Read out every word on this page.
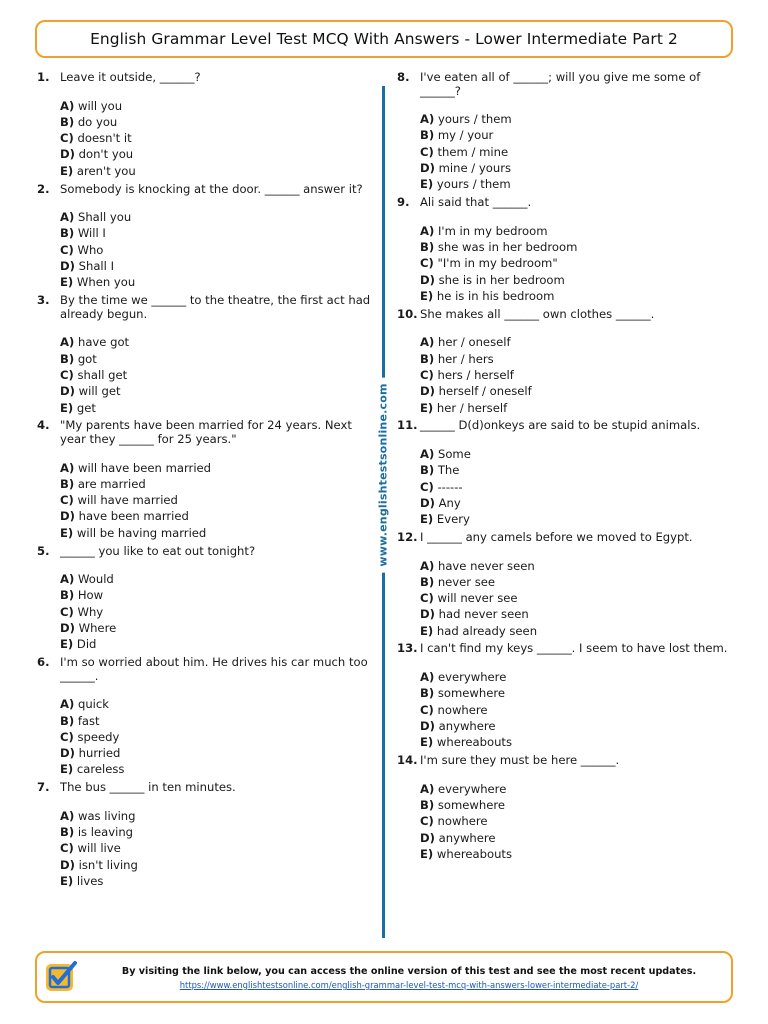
English Grammar Level Test MCQ With Answers - Lower Intermediate Part 2
1. Leave it outside, ______?
A) will you
B) do you
C) doesn't it
D) don't you
E) aren't you
2. Somebody is knocking at the door. ______ answer it?
A) Shall you
B) Will I
C) Who
D) Shall I
E) When you
3. By the time we ______ to the theatre, the first act had already begun.
A) have got
B) got
C) shall get
D) will get
E) get
4. "My parents have been married for 24 years. Next year they ______ for 25 years."
A) will have been married
B) are married
C) will have married
D) have been married
E) will be having married
5. ______ you like to eat out tonight?
A) Would
B) How
C) Why
D) Where
E) Did
6. I'm so worried about him. He drives his car much too ______.
A) quick
B) fast
C) speedy
D) hurried
E) careless
7. The bus ______ in ten minutes.
A) was living
B) is leaving
C) will live
D) isn't living
E) lives
www.englishtestsonline.com
8. I've eaten all of ______; will you give me some of ______?
A) yours / them
B) my / your
C) them / mine
D) mine / yours
E) yours / them
9. Ali said that ______.
A) I'm in my bedroom
B) she was in her bedroom
C) "I'm in my bedroom"
D) she is in her bedroom
E) he is in his bedroom
10. She makes all ______ own clothes ______.
A) her / oneself
B) her / hers
C) hers / herself
D) herself / oneself
E) her / herself
11. ______ D(d)onkeys are said to be stupid animals.
A) Some
B) The
C) ------
D) Any
E) Every
12. I ______ any camels before we moved to Egypt.
A) have never seen
B) never see
C) will never see
D) had never seen
E) had already seen
13. I can't find my keys ______. I seem to have lost them.
A) everywhere
B) somewhere
C) nowhere
D) anywhere
E) whereabouts
14. I'm sure they must be here ______.
A) everywhere
B) somewhere
C) nowhere
D) anywhere
E) whereabouts
By visiting the link below, you can access the online version of this test and see the most recent updates.
https://www.englishtestsonline.com/english-grammar-level-test-mcq-with-answers-lower-intermediate-part-2/
